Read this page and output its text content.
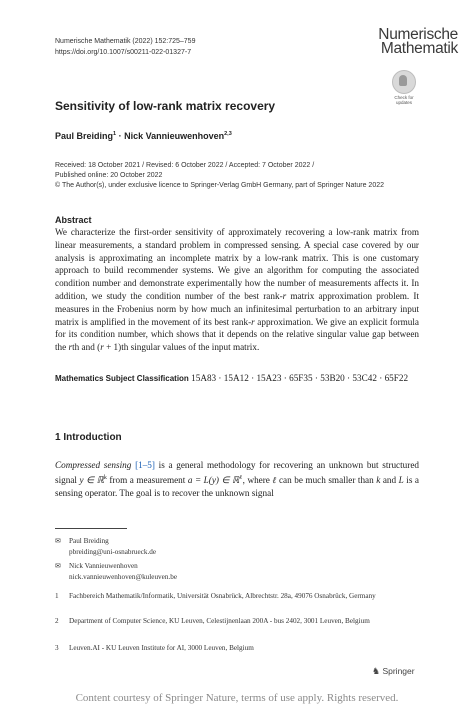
Numerische Mathematik (2022) 152:725–759
https://doi.org/10.1007/s00211-022-01327-7
Numerische
Mathematik
Check for
updates
Sensitivity of low-rank matrix recovery
Paul Breiding$^1$ · Nick Vannieuwenhoven$^{2,3}$
Received: 18 October 2021 / Revised: 6 October 2022 / Accepted: 7 October 2022 /
Published online: 20 October 2022
© The Author(s), under exclusive licence to Springer-Verlag GmbH Germany, part of Springer Nature 2022
Abstract
We characterize the first-order sensitivity of approximately recovering a low-rank matrix from linear measurements, a standard problem in compressed sensing. A special case covered by our analysis is approximating an incomplete matrix by a low-rank matrix. This is one customary approach to build recommender systems. We give an algorithm for computing the associated condition number and demonstrate experimentally how the number of measurements affects it. In addition, we study the condition number of the best rank-r matrix approximation problem. It measures in the Frobenius norm by how much an infinitesimal perturbation to an arbitrary input matrix is amplified in the movement of its best rank-r approximation. We give an explicit formula for its condition number, which shows that it depends on the relative singular value gap between the rth and (r + 1)th singular values of the input matrix.
Mathematics Subject Classification 15A83 · 15A12 · 15A23 · 65F35 · 53B20 · 53C42 · 65F22
1 Introduction
Compressed sensing [1–5] is a general methodology for recovering an unknown but structured signal y ∈ ℝ$^k$ from a measurement a = L(y) ∈ ℝ$^\ell$, where ℓ can be much smaller than k and L is a sensing operator. The goal is to recover the unknown signal
✉ Paul Breiding
pbreiding@uni-osnabrueck.de
✉ Nick Vannieuwenhoven
nick.vannieuwenhoven@kuleuven.be
1 Fachbereich Mathematik/Informatik, Universität Osnabrück, Albrechtstr. 28a, 49076 Osnabrück, Germany
2 Department of Computer Science, KU Leuven, Celestijnenlaan 200A - bus 2402, 3001 Leuven, Belgium
3 Leuven.AI - KU Leuven Institute for AI, 3000 Leuven, Belgium
♞ Springer
Content courtesy of Springer Nature, terms of use apply. Rights reserved.
